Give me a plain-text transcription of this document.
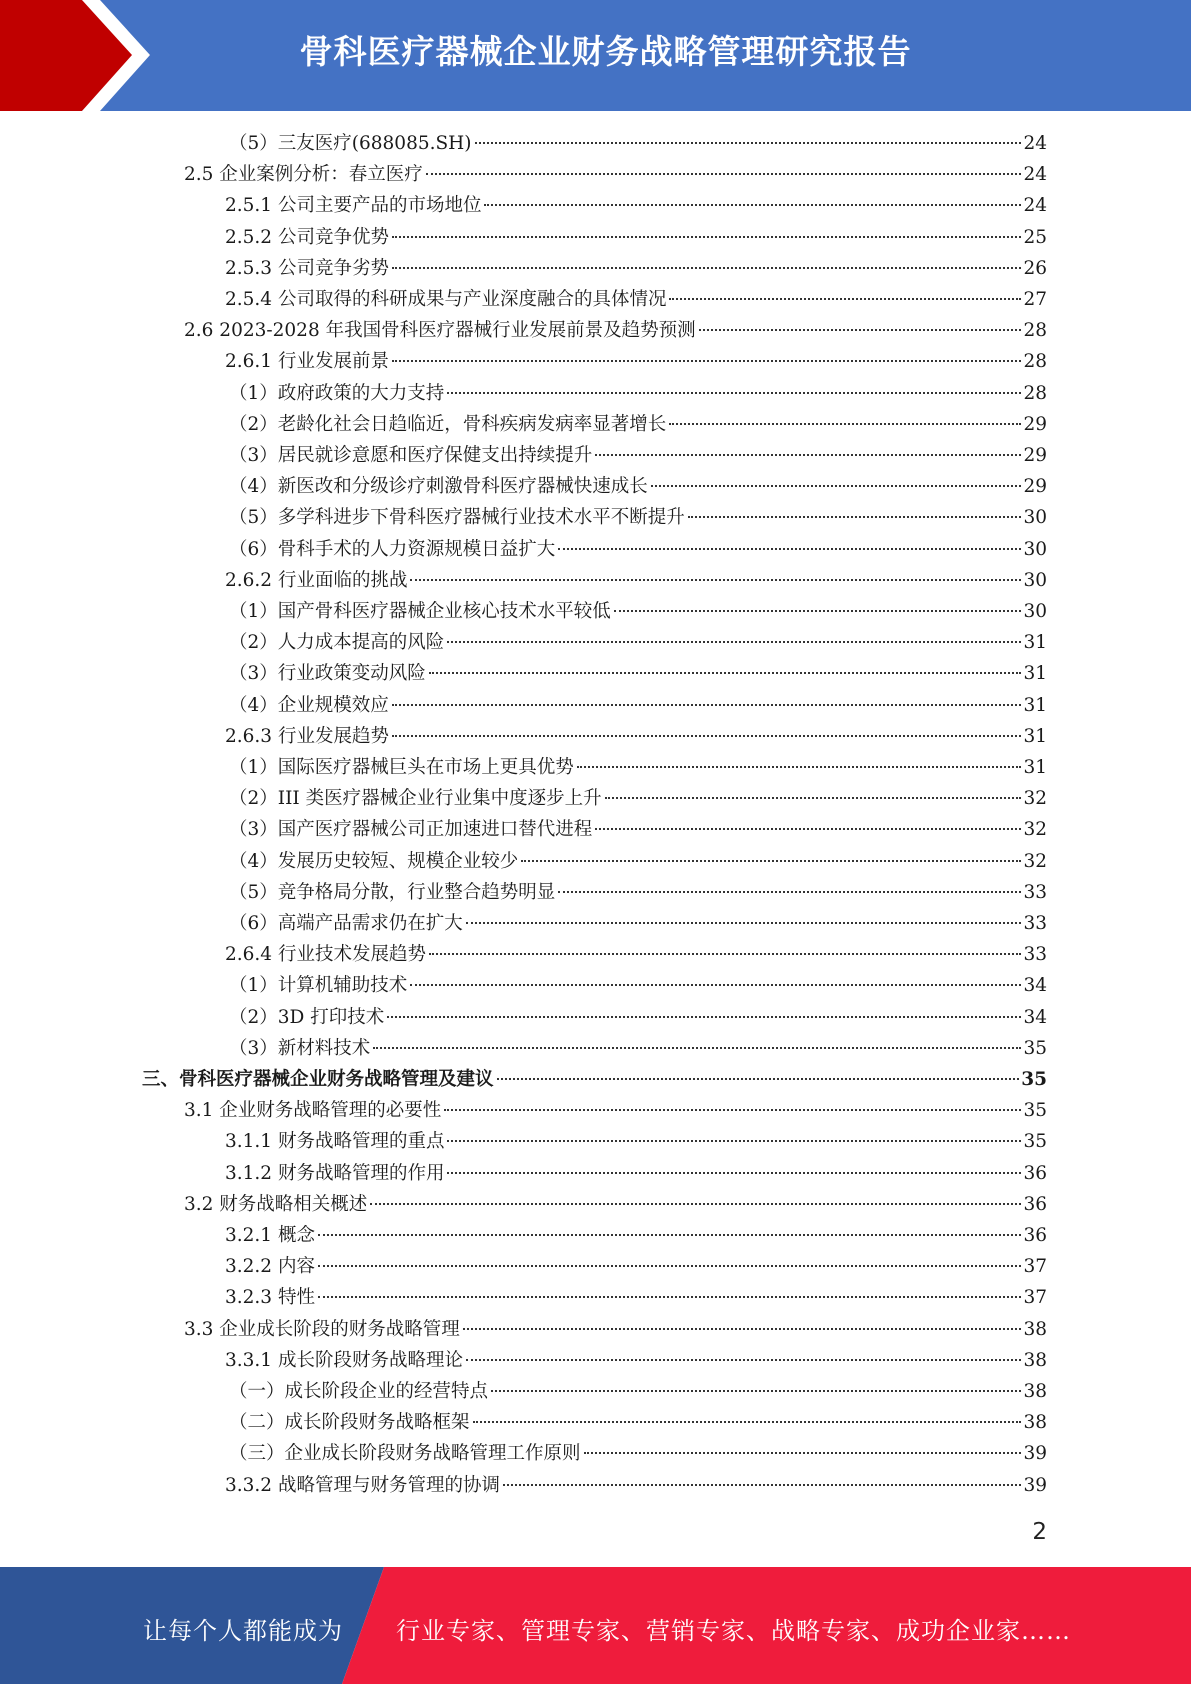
骨科医疗器械企业财务战略管理研究报告
（5）三友医疗(688085.SH)	24
2.5 企业案例分析：春立医疗	24
2.5.1 公司主要产品的市场地位	24
2.5.2 公司竞争优势	25
2.5.3 公司竞争劣势	26
2.5.4 公司取得的科研成果与产业深度融合的具体情况	27
2.6 2023-2028 年我国骨科医疗器械行业发展前景及趋势预测	28
2.6.1 行业发展前景	28
（1）政府政策的大力支持	28
（2）老龄化社会日趋临近，骨科疾病发病率显著增长	29
（3）居民就诊意愿和医疗保健支出持续提升	29
（4）新医改和分级诊疗刺激骨科医疗器械快速成长	29
（5）多学科进步下骨科医疗器械行业技术水平不断提升	30
（6）骨科手术的人力资源规模日益扩大	30
2.6.2 行业面临的挑战	30
（1）国产骨科医疗器械企业核心技术水平较低	30
（2）人力成本提高的风险	31
（3）行业政策变动风险	31
（4）企业规模效应	31
2.6.3 行业发展趋势	31
（1）国际医疗器械巨头在市场上更具优势	31
（2）III 类医疗器械企业行业集中度逐步上升	32
（3）国产医疗器械公司正加速进口替代进程	32
（4）发展历史较短、规模企业较少	32
（5）竞争格局分散，行业整合趋势明显	33
（6）高端产品需求仍在扩大	33
2.6.4 行业技术发展趋势	33
（1）计算机辅助技术	34
（2）3D 打印技术	34
（3）新材料技术	35
三、骨科医疗器械企业财务战略管理及建议	35
3.1 企业财务战略管理的必要性	35
3.1.1 财务战略管理的重点	35
3.1.2 财务战略管理的作用	36
3.2 财务战略相关概述	36
3.2.1 概念	36
3.2.2 内容	37
3.2.3 特性	37
3.3 企业成长阶段的财务战略管理	38
3.3.1 成长阶段财务战略理论	38
（一）成长阶段企业的经营特点	38
（二）成长阶段财务战略框架	38
（三）企业成长阶段财务战略管理工作原则	39
3.3.2 战略管理与财务管理的协调	39
2
让每个人都能成为 行业专家、管理专家、营销专家、战略专家、成功企业家……
